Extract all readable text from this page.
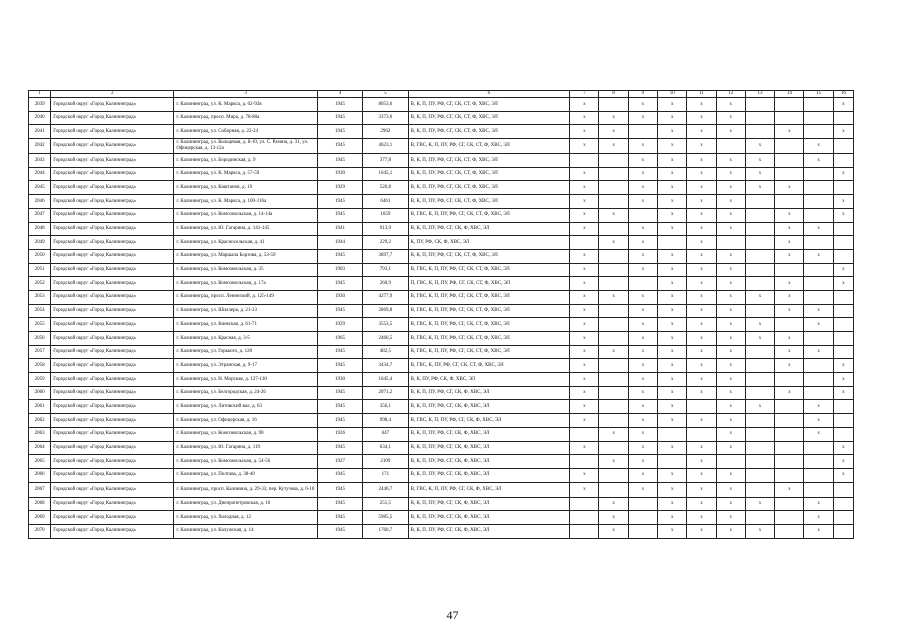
1	2	3	4	5	6	7	8	9	10	11	12	13	14	15	16
2039	Городской округ «Город Калининград»	г. Калининград, ул. К. Маркса, д. 62-92в	1945	8053,6	В, К, П, ПУ, РФ, СГ, СК, СТ, Ф, ХВС, ЭЛ	х		х	х	х	х				х
2040	Городской округ «Город Калининград»	г. Калининград, просп. Мира, д. 78-80а	1945	3373,6	В, К, П, ПУ, РФ, СГ, СК, СТ, Ф, ХВС, ЭЛ	х	х	х	х	х	х				
2041	Городской округ «Город Калининград»	г. Калининград, ул. Соборная, д. 22-24	1945	2962	В, К, П, ПУ, РФ, СГ, СК, СТ, Ф, ХВС, ЭЛ	х	х		х	х	х		х		х
2042	Городской округ «Город Калининград»	г. Калининград, ул. Кольцевая, д. 8-10, ул. С. Разина, д. 31, ул. Офицерская, д. 13-12а	1945	4623,1	В, ГВС, К, П, ПУ, РФ, СГ, СК, СТ, Ф, ХВС, ЭЛ	х	х	х	х	х		х		х	
2043	Городской округ «Город Калининград»	г. Калининград, ул. Бородинская, д. 9	1945	377,8	В, К, П, ПУ, РФ, СГ, СК, СТ, Ф, ХВС, ЭЛ			х	х	х	х	х		х	
2044	Городской округ «Город Калининград»	г. Калининград, ул. К. Маркса, д. 57-59	1930	1645,1	В, К, П, ПУ, РФ, СГ, СК, СТ, Ф, ХВС, ЭЛ	х		х	х	х	х	х			х
2045	Городской округ «Город Калининград»	г. Калининград, ул. Каштанов, д. 19	1929	526,8	В, К, П, ПУ, РФ, СГ, СК, СТ, Ф, ХВС, ЭЛ	х		х	х	х	х	х	х		
2046	Городской округ «Город Калининград»	г. Калининград, ул. К. Маркса, д. 100-116а	1945	6461	В, К, П, ПУ, РФ, СГ, СК, СТ, Ф, ХВС, ЭЛ	х		х	х	х	х				х
2047	Городской округ «Город Калининград»	г. Калининград, ул. Комсомольская, д. 14-14а	1945	1659	В, ГВС, К, П, ПУ, РФ, СГ, СК, СТ, Ф, ХВС, ЭЛ	х	х		х	х	х		х		х
2048	Городской округ «Город Калининград»	г. Калининград, ул. Ю. Гагарина, д. 141-145	1941	913,9	В, К, П, ПУ, РФ, СГ, СК, Ф, ХВС, ЭЛ	х		х	х	х	х		х	х	
2049	Городской округ «Город Калининград»	г. Калининград, ул. Красносельская, д. 41	1944	229,2	К, ПУ, РФ, СК, Ф, ХВС, ЭЛ		х	х		х			х		
2050	Городской округ «Город Калининград»	г. Калининград, ул. Маршала Борзова, д. 53-59	1945	3897,7	В, К, П, ПУ, РФ, СГ, СК, СТ, Ф, ХВС, ЭЛ	х		х	х	х	х		х	х	
2051	Городской округ «Город Калининград»	г. Калининград, ул. Комсомольская, д. 35	1903	793,1	В, ГВС, К, П, ПУ, РФ, СГ, СК, СТ, Ф, ХВС, ЭЛ	х		х	х	х	х				х
2052	Городской округ «Город Калининград»	г. Калининград, ул. Комсомольская, д. 17а	1945	260,9	П, ГВС, К, П, ПУ, РФ, СГ, СК, СТ, Ф, ХВС, ЭЛ	х			х	х	х		х		х
2053	Городской округ «Город Калининград»	г. Калининград, просп. Ленинский, д. 125-149	1930	4277,9	В, ГВС, К, П, ПУ, РФ, СГ, СК, СТ, Ф, ХВС, ЭЛ	х	х	х	х	х	х	х	х		
2054	Городской округ «Город Калининград»	г. Калининград, ул. Шиллера, д. 21-23	1945	2869,8	В, ГВС, К, П, ПУ, РФ, СГ, СК, СТ, Ф, ХВС, ЭЛ	х		х	х	х	х		х	х	
2055	Городской округ «Город Калининград»	г. Калининград, ул. Киевская, д. 61-71	1929	3553,5	В, ГВС, К, П, ПУ, РФ, СГ, СК, СТ, Ф, ХВС, ЭЛ	х		х	х	х	х	х		х	
2056	Городской округ «Город Калининград»	г. Калининград, ул. Красная, д. 3-5	1965	2466,5	В, ГВС, К, П, ПУ, РФ, СГ, СК, СТ, Ф, ХВС, ЭЛ	х		х	х	х	х	х	х		
2057	Городской округ «Город Калининград»	г. Калининград, ул. Горького, д. 120	1945	482,5	В, ГВС, К, П, ПУ, РФ, СГ, СК, СТ, Ф, ХВС, ЭЛ	х	х	х	х	х	х		х	х	
2058	Городской округ «Город Калининград»	г. Калининград, ул. Этранская, д. 9-17	1945	3434,7	В, ГВС, К, ПУ, РФ, СГ, СК, СТ, Ф, ХВС, ЭЛ	х		х	х	х	х		х		х
2059	Городской округ «Город Калининград»	г. Калининград, ул. Н. Морская, д. 127-130	1930	1645,4	В, К, ПУ, РФ, СК, Ф, ХВС, ЭЛ	х		х	х	х	х				х
2060	Городской округ «Город Калининград»	г. Калининград, ул. Белгородская, д. 24-26	1945	2071,2	В, К, П, ПУ, РФ, СГ, СК, Ф, ХВС, ЭЛ	х		х	х	х	х		х		х
2061	Городской округ «Город Калининград»	г. Калининград, ул. Литовский вал, д. 63	1945	356,1	В, К, П, ПУ, РФ, СГ, СК, Ф, ХВС, ЭЛ	х		х	х		х	х		х	
2062	Городской округ «Город Калининград»	г. Калининград, ул. Офицерская, д. 16	1945	998,4	В, ГВС, К, П, ПУ, РФ, СГ, СК, Ф, ХВС, ЭЛ	х		х	х	х	х			х	
2063	Городской округ «Город Калининград»	г. Калининград, ул. Комсомольская, д. 90	1926	647	В, К, П, ПУ, РФ, СГ, СК, Ф, ХВС, ЭЛ		х	х			х			х	
2064	Городской округ «Город Калининград»	г. Калининград, ул. Ю. Гагарина, д. 119	1945	634,1	В, К, П, ПУ, РФ, СГ, СК, Ф, ХВС, ЭЛ	х		х	х	х	х				х
2065	Городской округ «Город Калининград»	г. Калининград, ул. Комсомольская, д. 54-56	1927	2109	В, К, П, ПУ, РФ, СГ, СК, Ф, ХВС, ЭЛ		х	х		х					х
2066	Городской округ «Город Калининград»	г. Калининград, ул. Полтава, д. 38-40	1945	171	В, К, П, ПУ, РФ, СГ, СК, Ф, ХВС, ЭЛ	х		х	х	х	х				х
2067	Городской округ «Город Калининград»	г. Калининград, просп. Калинина, д. 29-33, пер. Кутузова, д. 6-10	1945	2446,7	В, ГВС, К, П, ПУ, РФ, СГ, СК, Ф, ХВС, ЭЛ	х		х	х	х	х		х		
2068	Городской округ «Город Калининград»	г. Калининград, ул. Днепропетровская, д. 16	1945	251,5	В, К, П, ПУ, РФ, СГ, СК, Ф, ХВС, ЭЛ		х		х	х	х	х		х	
2069	Городской округ «Город Калининград»	г. Калининград, ул. Холодная, д. 12	1945	5985,5	В, К, П, ПУ, РФ, СГ, СК, Ф, ХВС, ЭЛ		х		х	х	х			х	
2070	Городской округ «Город Калининград»	г. Калининград, ул. Калужская, д. 14	1945	1760,7	В, К, П, ПУ, РФ, СГ, СК, Ф, ХВС, ЭЛ		х		х	х	х	х		х	
47
